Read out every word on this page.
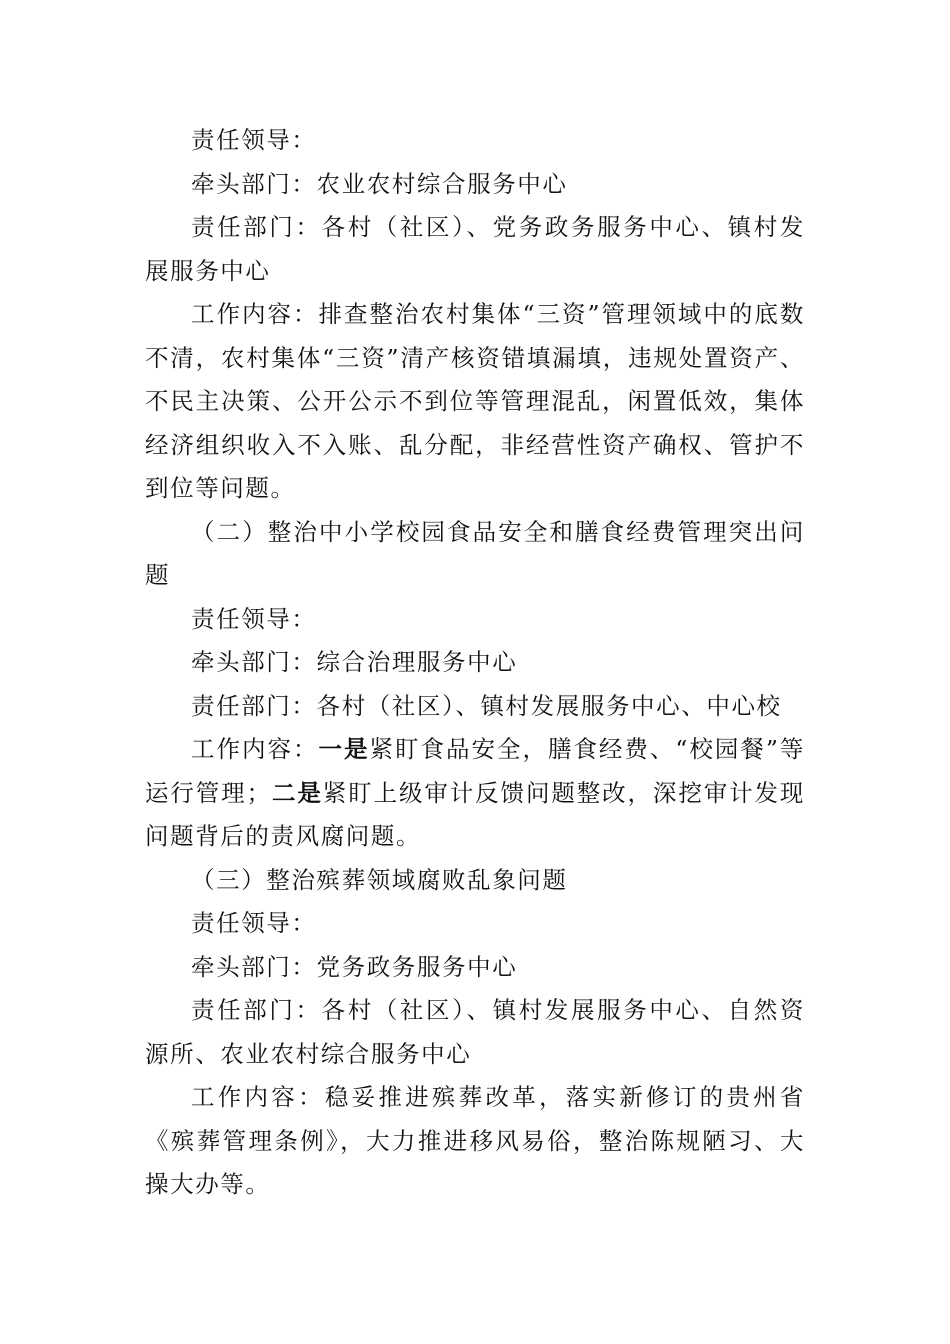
责任领导：

牵头部门：农业农村综合服务中心

责任部门：各村（社区）、党务政务服务中心、镇村发展服务中心

工作内容：排查整治农村集体“三资”管理领域中的底数不清，农村集体“三资”清产核资错填漏填，违规处置资产、不民主决策、公开公示不到位等管理混乱，闲置低效，集体经济组织收入不入账、乱分配，非经营性资产确权、管护不到位等问题。

（二）整治中小学校园食品安全和膳食经费管理突出问题

责任领导：

牵头部门：综合治理服务中心

责任部门：各村（社区）、镇村发展服务中心、中心校

工作内容：一是紧盯食品安全，膳食经费、“校园餐”等运行管理；二是紧盯上级审计反馈问题整改，深挖审计发现问题背后的责风腐问题。

（三）整治殡葬领域腐败乱象问题

责任领导：

牵头部门：党务政务服务中心

责任部门：各村（社区）、镇村发展服务中心、自然资源所、农业农村综合服务中心

工作内容：稳妥推进殡葬改革，落实新修订的贵州省《殡葬管理条例》，大力推进移风易俗，整治陈规陋习、大操大办等。
